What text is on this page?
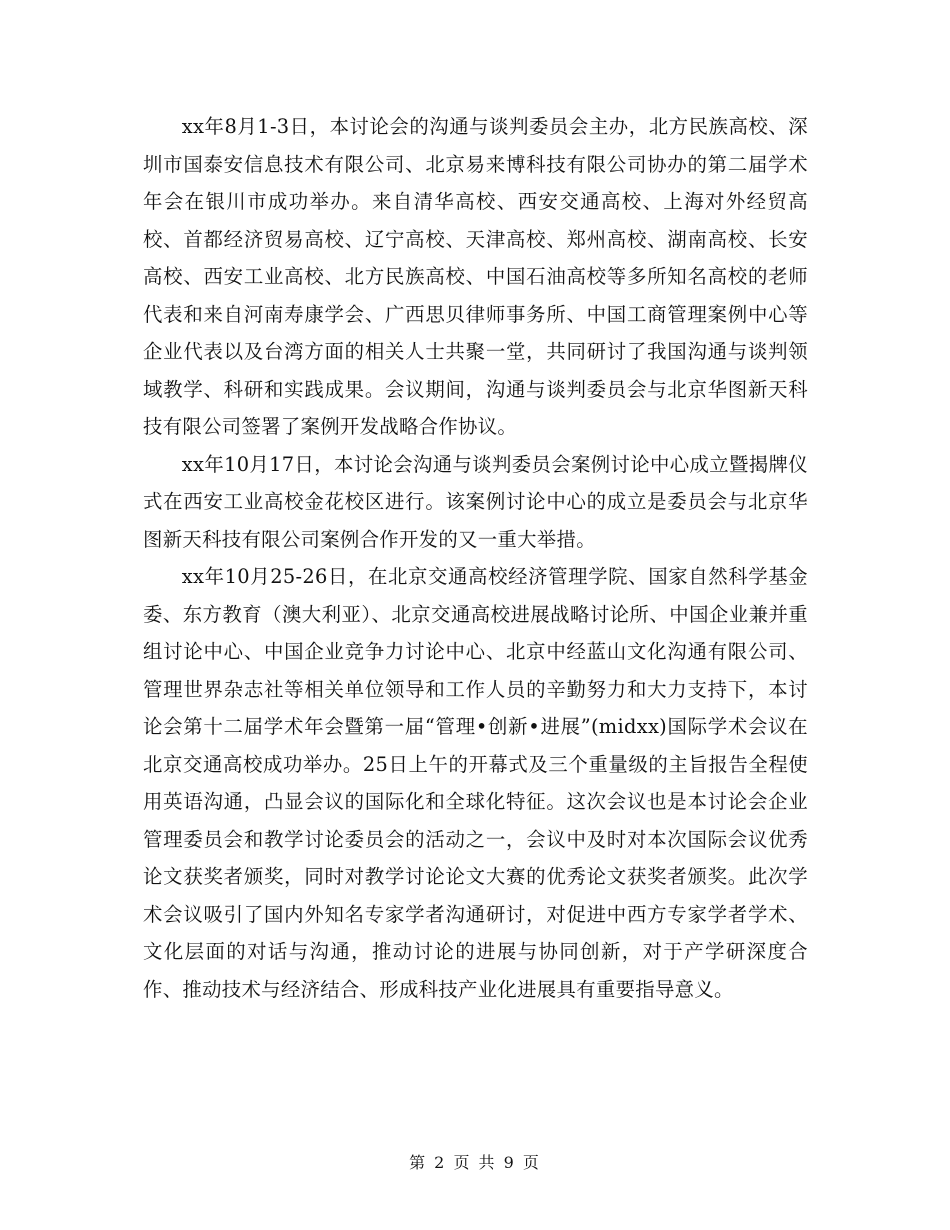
xx年8月1-3日，本讨论会的沟通与谈判委员会主办，北方民族高校、深圳市国泰安信息技术有限公司、北京易来博科技有限公司协办的第二届学术年会在银川市成功举办。来自清华高校、西安交通高校、上海对外经贸高校、首都经济贸易高校、辽宁高校、天津高校、郑州高校、湖南高校、长安高校、西安工业高校、北方民族高校、中国石油高校等多所知名高校的老师代表和来自河南寿康学会、广西思贝律师事务所、中国工商管理案例中心等企业代表以及台湾方面的相关人士共聚一堂，共同研讨了我国沟通与谈判领域教学、科研和实践成果。会议期间，沟通与谈判委员会与北京华图新天科技有限公司签署了案例开发战略合作协议。

xx年10月17日，本讨论会沟通与谈判委员会案例讨论中心成立暨揭牌仪式在西安工业高校金花校区进行。该案例讨论中心的成立是委员会与北京华图新天科技有限公司案例合作开发的又一重大举措。

xx年10月25-26日，在北京交通高校经济管理学院、国家自然科学基金委、东方教育（澳大利亚）、北京交通高校进展战略讨论所、中国企业兼并重组讨论中心、中国企业竞争力讨论中心、北京中经蓝山文化沟通有限公司、管理世界杂志社等相关单位领导和工作人员的辛勤努力和大力支持下，本讨论会第十二届学术年会暨第一届“管理•创新•进展”(midxx)国际学术会议在北京交通高校成功举办。25日上午的开幕式及三个重量级的主旨报告全程使用英语沟通，凸显会议的国际化和全球化特征。这次会议也是本讨论会企业管理委员会和教学讨论委员会的活动之一，会议中及时对本次国际会议优秀论文获奖者颁奖，同时对教学讨论论文大赛的优秀论文获奖者颁奖。此次学术会议吸引了国内外知名专家学者沟通研讨，对促进中西方专家学者学术、文化层面的对话与沟通，推动讨论的进展与协同创新，对于产学研深度合作、推动技术与经济结合、形成科技产业化进展具有重要指导意义。

第 2 页 共 9 页
